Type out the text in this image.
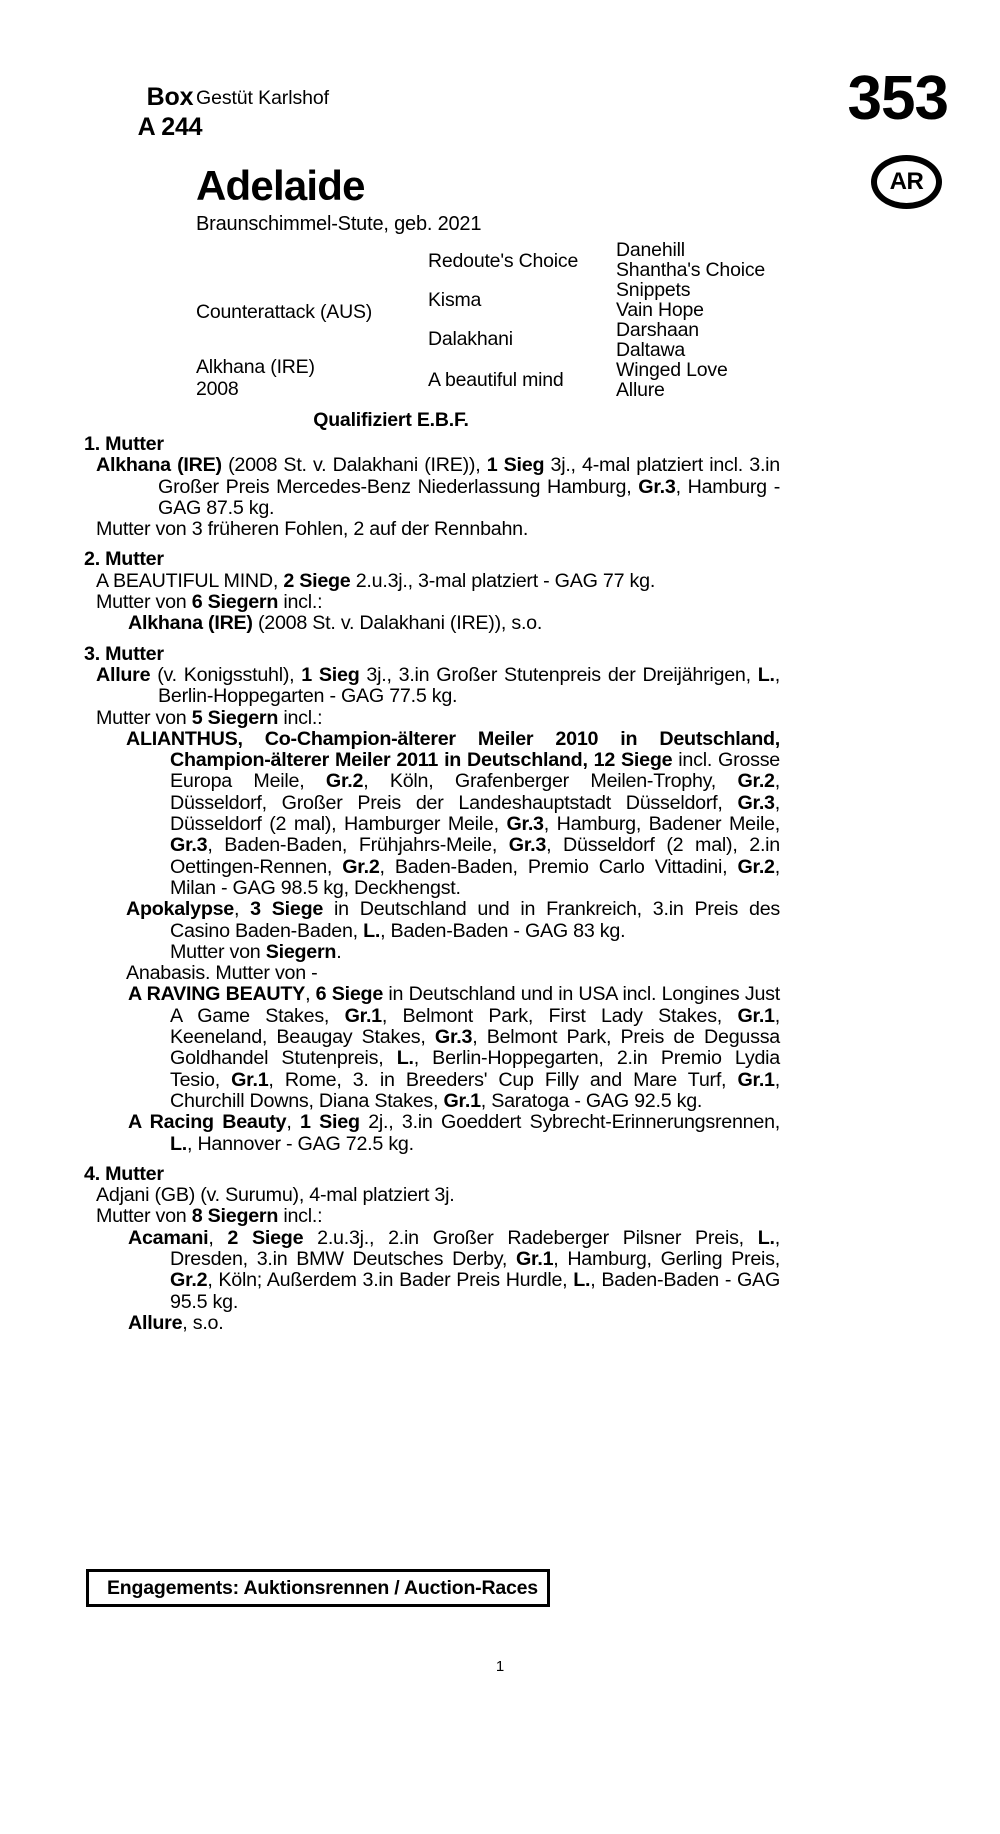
Box
A 244
Gestüt Karlshof	353
AR
Adelaide
Braunschimmel-Stute, geb. 2021
Counterattack (AUS)
Alkhana (IRE)
2008
Redoute's Choice
Kisma
Dalakhani
A beautiful mind
Danehill
Shantha's Choice
Snippets
Vain Hope
Darshaan
Daltawa
Winged Love
Allure
Qualifiziert E.B.F.
1. Mutter
Alkhana (IRE) (2008 St. v. Dalakhani (IRE)), 1 Sieg 3j., 4-mal platziert incl. 3.in Großer Preis Mercedes-Benz Niederlassung Hamburg, Gr.3, Hamburg - GAG 87.5 kg.
Mutter von 3 früheren Fohlen, 2 auf der Rennbahn.
2. Mutter
A BEAUTIFUL MIND, 2 Siege 2.u.3j., 3-mal platziert - GAG 77 kg.
Mutter von 6 Siegern incl.:
Alkhana (IRE) (2008 St. v. Dalakhani (IRE)), s.o.
3. Mutter
Allure (v. Konigsstuhl), 1 Sieg 3j., 3.in Großer Stutenpreis der Dreijährigen, L., Berlin-Hoppegarten - GAG 77.5 kg.
Mutter von 5 Siegern incl.:
ALIANTHUS, Co-Champion-älterer Meiler 2010 in Deutschland, Champion-älterer Meiler 2011 in Deutschland, 12 Siege incl. Grosse Europa Meile, Gr.2, Köln, Grafenberger Meilen-Trophy, Gr.2, Düsseldorf, Großer Preis der Landeshauptstadt Düsseldorf, Gr.3, Düsseldorf (2 mal), Hamburger Meile, Gr.3, Hamburg, Badener Meile, Gr.3, Baden-Baden, Frühjahrs-Meile, Gr.3, Düsseldorf (2 mal), 2.in Oettingen-Rennen, Gr.2, Baden-Baden, Premio Carlo Vittadini, Gr.2, Milan - GAG 98.5 kg, Deckhengst.
Apokalypse, 3 Siege in Deutschland und in Frankreich, 3.in Preis des Casino Baden-Baden, L., Baden-Baden - GAG 83 kg.
Mutter von Siegern.
Anabasis. Mutter von -
A RAVING BEAUTY, 6 Siege in Deutschland und in USA incl. Longines Just A Game Stakes, Gr.1, Belmont Park, First Lady Stakes, Gr.1, Keeneland, Beaugay Stakes, Gr.3, Belmont Park, Preis de Degussa Goldhandel Stutenpreis, L., Berlin-Hoppegarten, 2.in Premio Lydia Tesio, Gr.1, Rome, 3. in Breeders' Cup Filly and Mare Turf, Gr.1, Churchill Downs, Diana Stakes, Gr.1, Saratoga - GAG 92.5 kg.
A Racing Beauty, 1 Sieg 2j., 3.in Goeddert Sybrecht-Erinnerungsrennen, L., Hannover - GAG 72.5 kg.
4. Mutter
Adjani (GB) (v. Surumu), 4-mal platziert 3j.
Mutter von 8 Siegern incl.:
Acamani, 2 Siege 2.u.3j., 2.in Großer Radeberger Pilsner Preis, L., Dresden, 3.in BMW Deutsches Derby, Gr.1, Hamburg, Gerling Preis, Gr.2, Köln; Außerdem 3.in Bader Preis Hurdle, L., Baden-Baden - GAG 95.5 kg.
Allure, s.o.
Engagements: Auktionsrennen / Auction-Races
1
